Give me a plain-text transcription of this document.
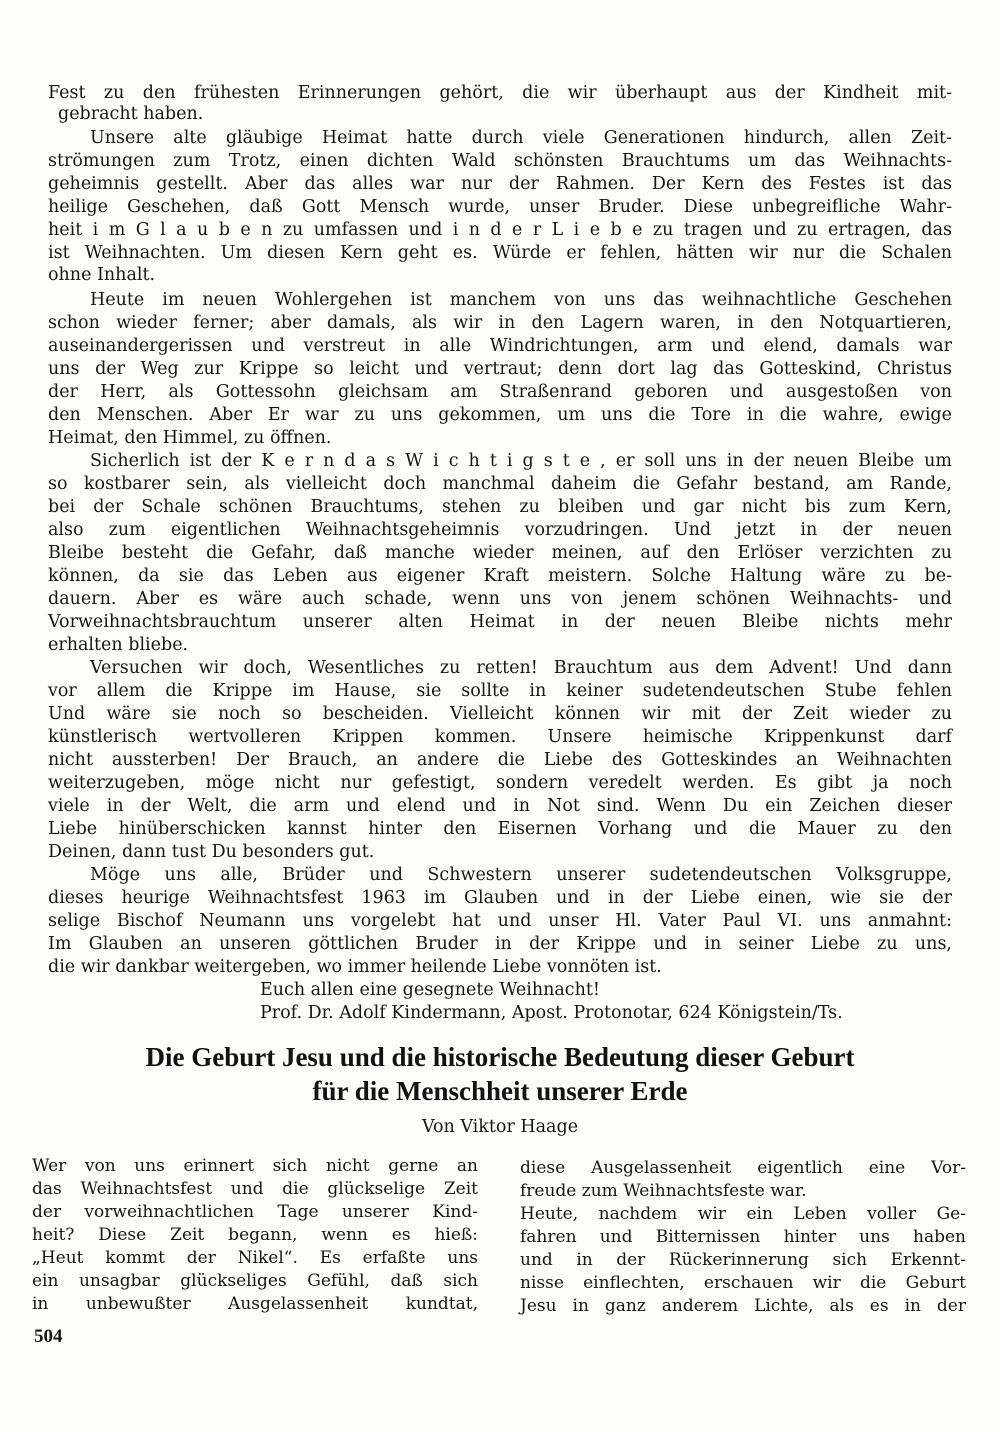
Fest zu den frühesten Erinnerungen gehört, die wir überhaupt aus der Kindheit mit-
gebracht haben.
Unsere alte gläubige Heimat hatte durch viele Generationen hindurch, allen Zeit-
strömungen zum Trotz, einen dichten Wald schönsten Brauchtums um das Weihnachts-
geheimnis gestellt. Aber das alles war nur der Rahmen. Der Kern des Festes ist das
heilige Geschehen, daß Gott Mensch wurde, unser Bruder. Diese unbegreifliche Wahr-
heit i m G l a u b e n zu umfassen und i n d e r L i e b e zu tragen und zu ertragen, das
ist Weihnachten. Um diesen Kern geht es. Würde er fehlen, hätten wir nur die Schalen
ohne Inhalt.
Heute im neuen Wohlergehen ist manchem von uns das weihnachtliche Geschehen
schon wieder ferner; aber damals, als wir in den Lagern waren, in den Notquartieren,
auseinandergerissen und verstreut in alle Windrichtungen, arm und elend, damals war
uns der Weg zur Krippe so leicht und vertraut; denn dort lag das Gotteskind, Christus
der Herr, als Gottessohn gleichsam am Straßenrand geboren und ausgestoßen von
den Menschen. Aber Er war zu uns gekommen, um uns die Tore in die wahre, ewige
Heimat, den Himmel, zu öffnen.
Sicherlich ist der K e r n d a s W i c h t i g s t e , er soll uns in der neuen Bleibe um
so kostbarer sein, als vielleicht doch manchmal daheim die Gefahr bestand, am Rande,
bei der Schale schönen Brauchtums, stehen zu bleiben und gar nicht bis zum Kern,
also zum eigentlichen Weihnachtsgeheimnis vorzudringen. Und jetzt in der neuen
Bleibe besteht die Gefahr, daß manche wieder meinen, auf den Erlöser verzichten zu
können, da sie das Leben aus eigener Kraft meistern. Solche Haltung wäre zu be-
dauern. Aber es wäre auch schade, wenn uns von jenem schönen Weihnachts- und
Vorweihnachtsbrauchtum unserer alten Heimat in der neuen Bleibe nichts mehr
erhalten bliebe.
Versuchen wir doch, Wesentliches zu retten! Brauchtum aus dem Advent! Und dann
vor allem die Krippe im Hause, sie sollte in keiner sudetendeutschen Stube fehlen
Und wäre sie noch so bescheiden. Vielleicht können wir mit der Zeit wieder zu
künstlerisch wertvolleren Krippen kommen. Unsere heimische Krippenkunst darf
nicht aussterben! Der Brauch, an andere die Liebe des Gotteskindes an Weihnachten
weiterzugeben, möge nicht nur gefestigt, sondern veredelt werden. Es gibt ja noch
viele in der Welt, die arm und elend und in Not sind. Wenn Du ein Zeichen dieser
Liebe hinüberschicken kannst hinter den Eisernen Vorhang und die Mauer zu den
Deinen, dann tust Du besonders gut.
Möge uns alle, Brüder und Schwestern unserer sudetendeutschen Volksgruppe,
dieses heurige Weihnachtsfest 1963 im Glauben und in der Liebe einen, wie sie der
selige Bischof Neumann uns vorgelebt hat und unser Hl. Vater Paul VI. uns anmahnt:
Im Glauben an unseren göttlichen Bruder in der Krippe und in seiner Liebe zu uns,
die wir dankbar weitergeben, wo immer heilende Liebe vonnöten ist.
Euch allen eine gesegnete Weihnacht!
Prof. Dr. Adolf Kindermann, Apost. Protonotar, 624 Königstein/Ts.
Die Geburt Jesu und die historische Bedeutung dieser Geburt
für die Menschheit unserer Erde
Von Viktor Haage
Wer von uns erinnert sich nicht gerne an
das Weihnachtsfest und die glückselige Zeit
der vorweihnachtlichen Tage unserer Kind-
heit? Diese Zeit begann, wenn es hieß:
„Heut kommt der Nikel“. Es erfaßte uns
ein unsagbar glückseliges Gefühl, daß sich
in unbewußter Ausgelassenheit kundtat,
diese Ausgelassenheit eigentlich eine Vor-
freude zum Weihnachtsfeste war.
Heute, nachdem wir ein Leben voller Ge-
fahren und Bitternissen hinter uns haben
und in der Rückerinnerung sich Erkennt-
nisse einflechten, erschauen wir die Geburt
Jesu in ganz anderem Lichte, als es in der
504
